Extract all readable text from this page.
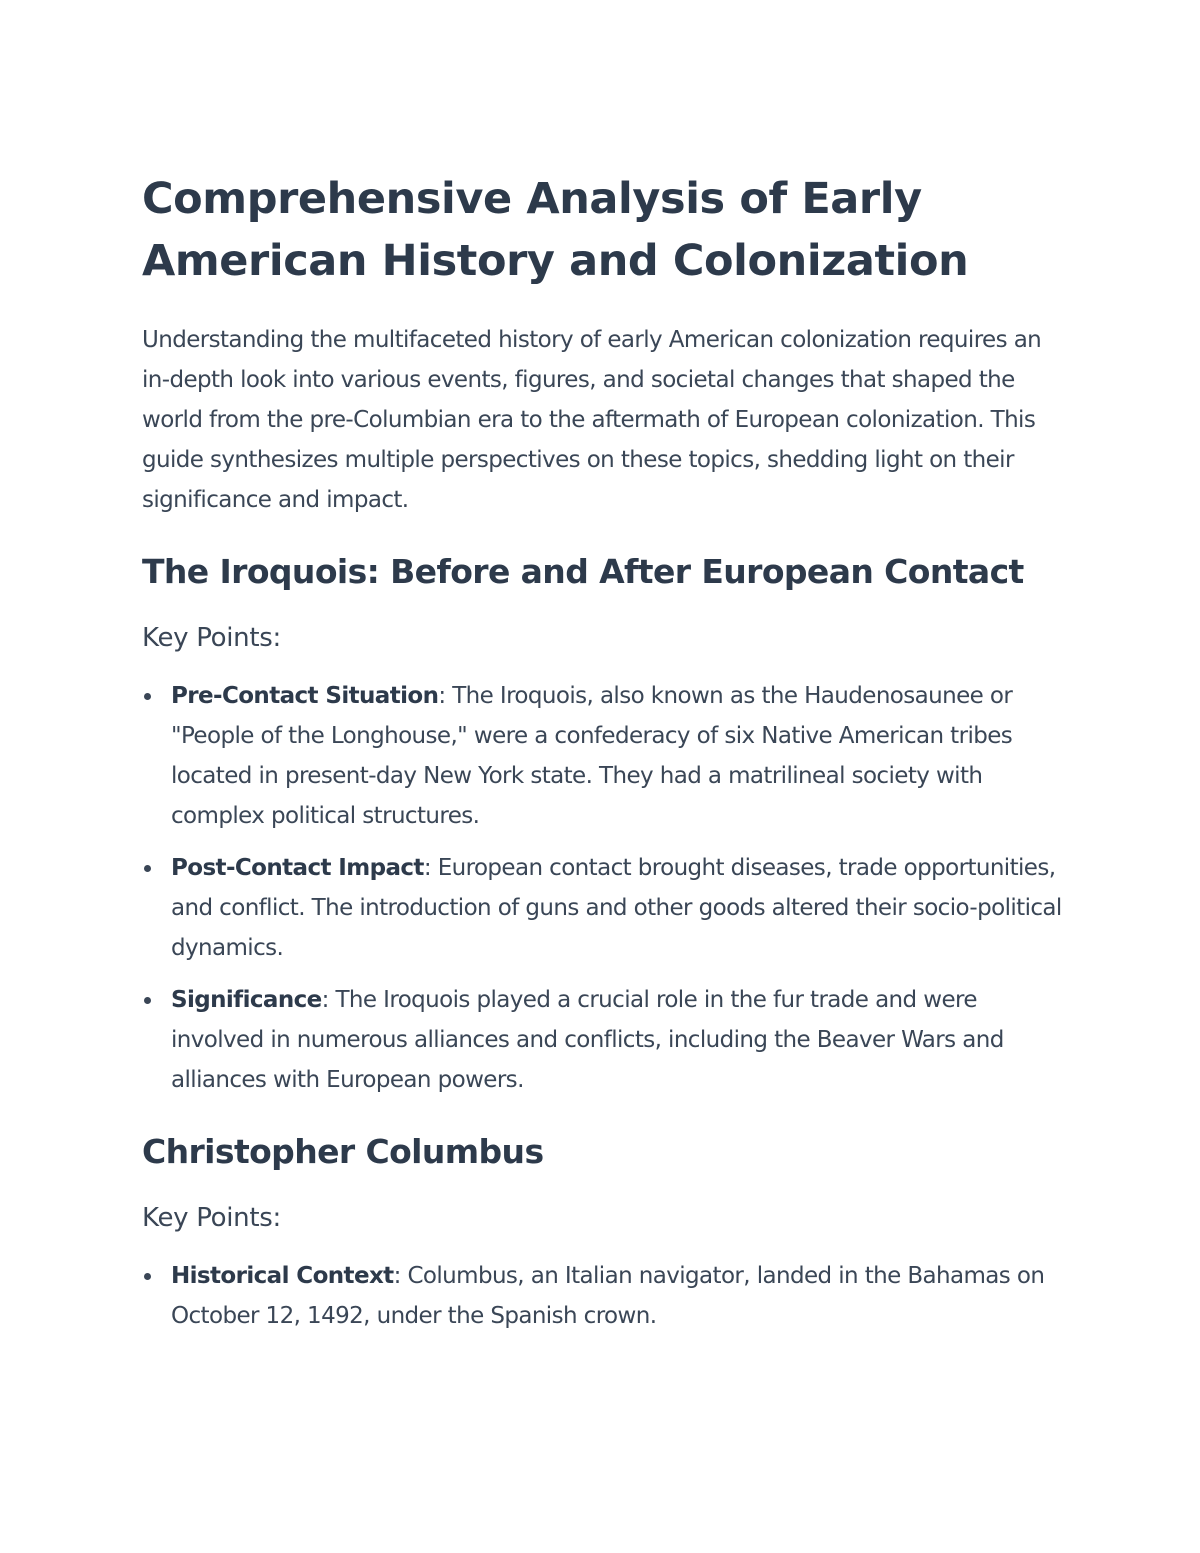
Comprehensive Analysis of Early American History and Colonization

Understanding the multifaceted history of early American colonization requires an in-depth look into various events, figures, and societal changes that shaped the world from the pre-Columbian era to the aftermath of European colonization. This guide synthesizes multiple perspectives on these topics, shedding light on their significance and impact.

The Iroquois: Before and After European Contact

Key Points:

Pre-Contact Situation: The Iroquois, also known as the Haudenosaunee or "People of the Longhouse," were a confederacy of six Native American tribes located in present-day New York state. They had a matrilineal society with complex political structures.
Post-Contact Impact: European contact brought diseases, trade opportunities, and conflict. The introduction of guns and other goods altered their socio-political dynamics.
Significance: The Iroquois played a crucial role in the fur trade and were involved in numerous alliances and conflicts, including the Beaver Wars and alliances with European powers.
Christopher Columbus

Key Points:

Historical Context: Columbus, an Italian navigator, landed in the Bahamas on October 12, 1492, under the Spanish crown.
